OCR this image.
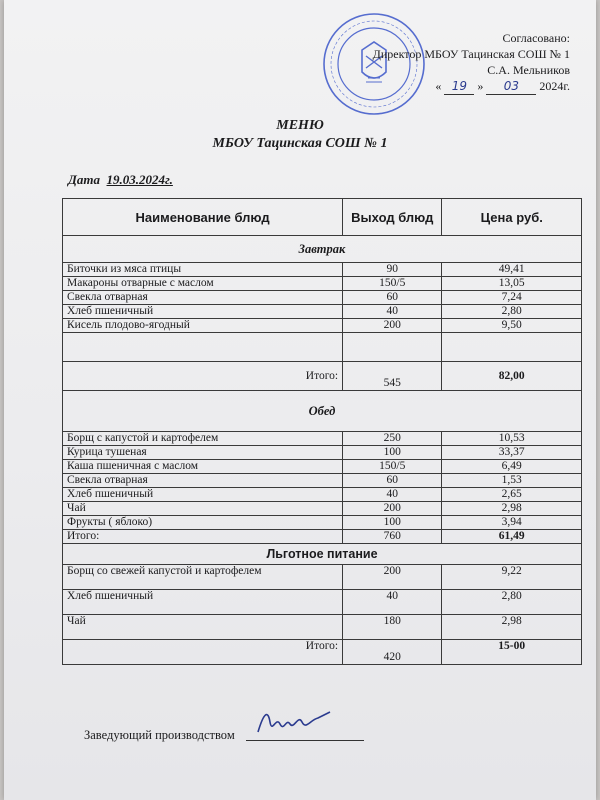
Согласовано:
Директор МБОУ Тацинская СОШ № 1
С.А. Мельников
« 19 » 03 2024г.
МЕНЮ
МБОУ Тацинская СОШ № 1
Дата 19.03.2024г.
Наименование блюд	Выход блюд	Цена руб.
Завтрак		
Биточки из мяса птицы	90	49,41
Макароны отварные с маслом	150/5	13,05
Свекла отварная	60	7,24
Хлеб пшеничный	40	2,80
Кисель плодово-ягодный	200	9,50

Итого:	545	82,00
Обед		
Борщ с капустой и картофелем	250	10,53
Курица тушеная	100	33,37
Каша пшеничная с маслом	150/5	6,49
Свекла отварная	60	1,53
Хлеб пшеничный	40	2,65
Чай	200	2,98
Фрукты ( яблоко)	100	3,94
Итого:	760	61,49
Льготное питание		
Борщ со свежей капустой и картофелем	200	9,22
Хлеб пшеничный	40	2,80
Чай	180	2,98
Итого:	420	15-00
Заведующий производством
